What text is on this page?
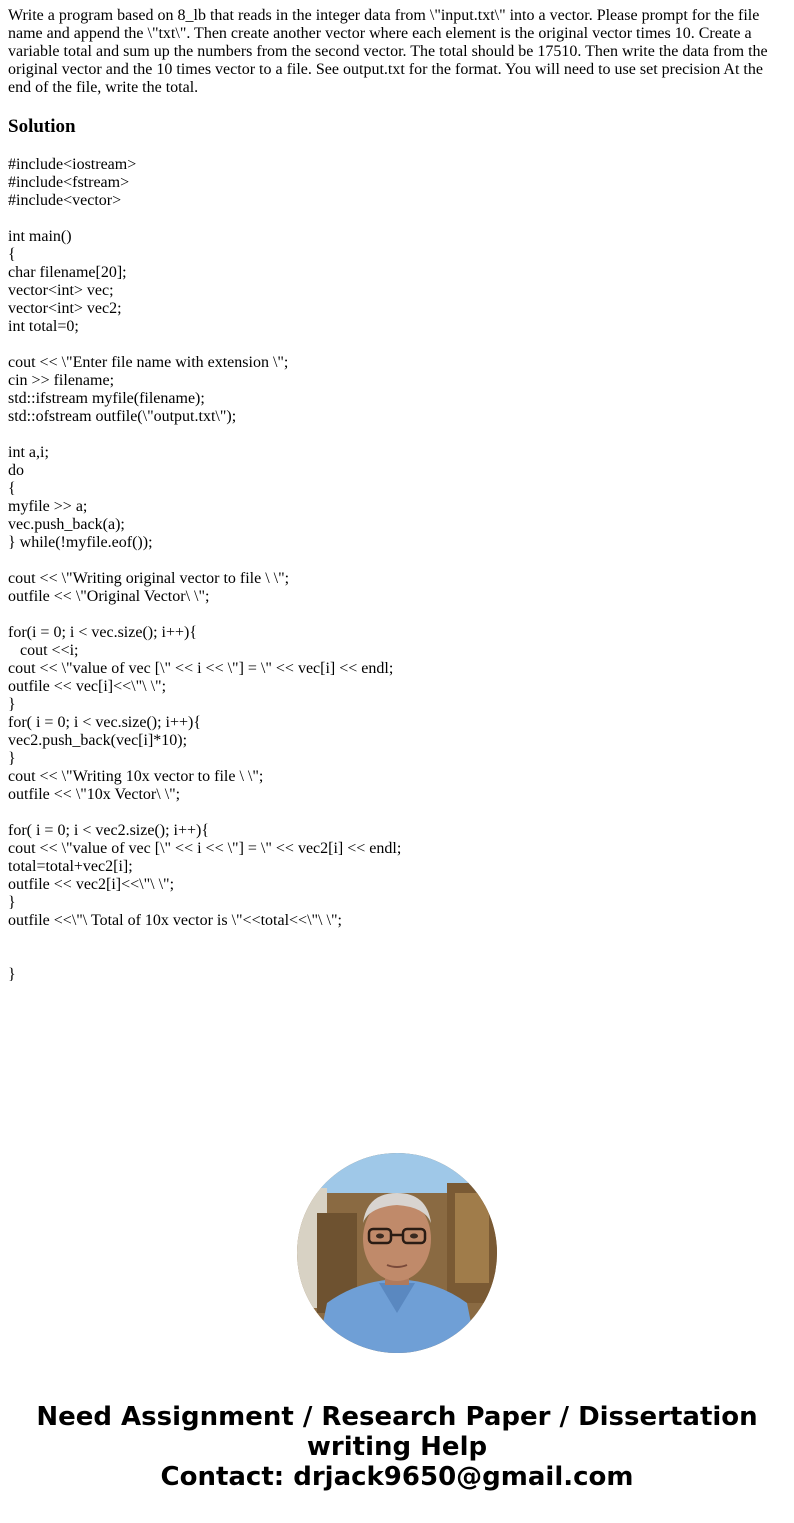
Write a program based on 8_lb that reads in the integer data from \"input.txt\" into a vector. Please prompt for the file name and append the \"txt\". Then create another vector where each element is the original vector times 10. Create a variable total and sum up the numbers from the second vector. The total should be 17510. Then write the data from the original vector and the 10 times vector to a file. See output.txt for the format. You will need to use set precision At the end of the file, write the total.

Solution
#include<iostream>
#include<fstream>
#include<vector>
int main()
{
char filename[20];
vector<int> vec;
vector<int> vec2;
int total=0;
cout << \"Enter file name with extension \";
cin >> filename;
std::ifstream myfile(filename);
std::ofstream outfile(\"output.txt\");
int a,i;
do
{
myfile >> a;
vec.push_back(a);
} while(!myfile.eof());
cout << \"Writing original vector to file \ \";
outfile << \"Original Vector\ \";
for(i = 0; i < vec.size(); i++){
cout <<i;
cout << \"value of vec [\" << i << \"] = \" << vec[i] << endl;
outfile << vec[i]<<\"\ \";
}
for( i = 0; i < vec.size(); i++){
vec2.push_back(vec[i]*10);
}
cout << \"Writing 10x vector to file \ \";
outfile << \"10x Vector\ \";
for( i = 0; i < vec2.size(); i++){
cout << \"value of vec [\" << i << \"] = \" << vec2[i] << endl;
total=total+vec2[i];
outfile << vec2[i]<<\"\ \";
}
outfile <<\"\ Total of 10x vector is \"<<total<<\"\ \";
}
Need Assignment / Research Paper / Dissertation
writing Help
Contact: drjack9650@gmail.com
